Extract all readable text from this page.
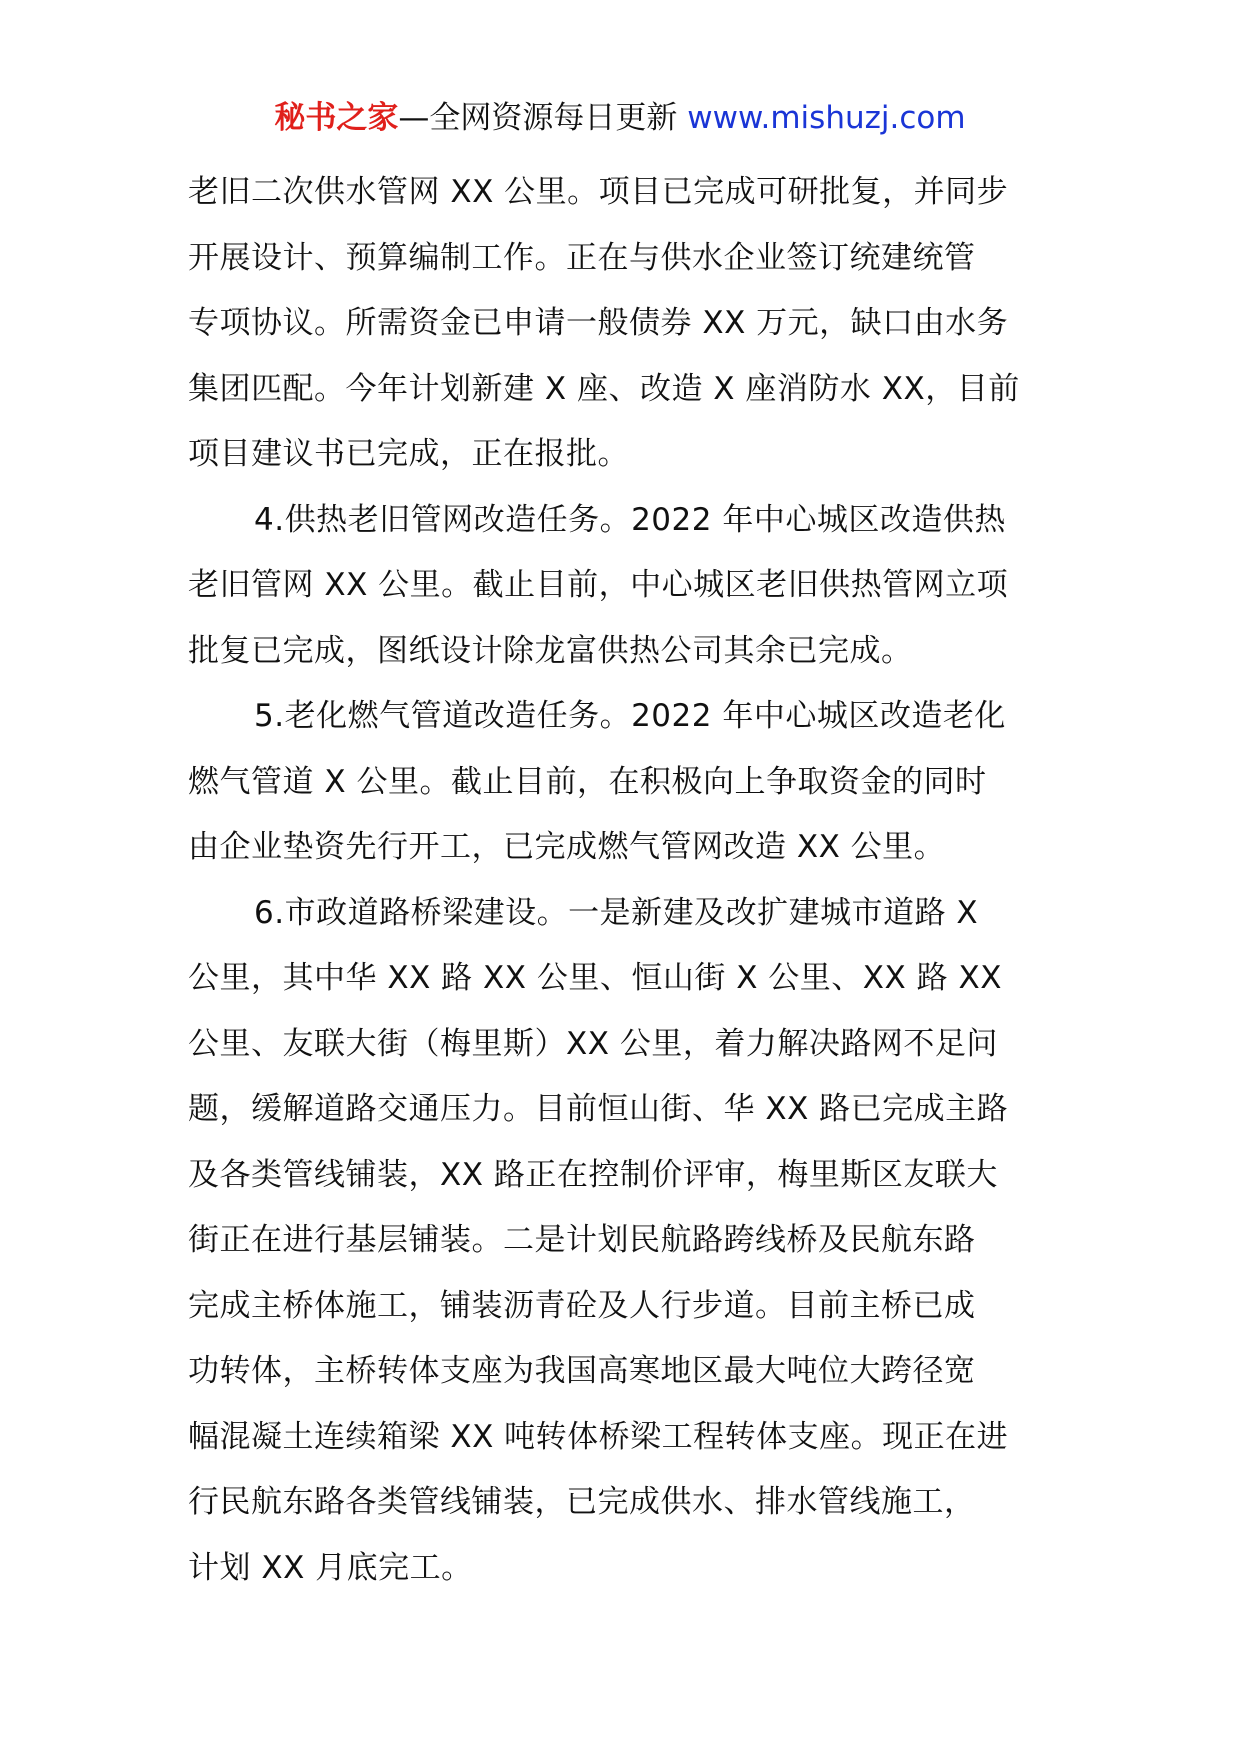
秘书之家—全网资源每日更新 www.mishuzj.com
老旧二次供水管网 XX 公里。项目已完成可研批复，并同步
开展设计、预算编制工作。正在与供水企业签订统建统管
专项协议。所需资金已申请一般债券 XX 万元，缺口由水务
集团匹配。今年计划新建 X 座、改造 X 座消防水 XX，目前
项目建议书已完成，正在报批。
4.供热老旧管网改造任务。2022 年中心城区改造供热
老旧管网 XX 公里。截止目前，中心城区老旧供热管网立项
批复已完成，图纸设计除龙富供热公司其余已完成。
5.老化燃气管道改造任务。2022 年中心城区改造老化
燃气管道 X 公里。截止目前，在积极向上争取资金的同时
由企业垫资先行开工，已完成燃气管网改造 XX 公里。
6.市政道路桥梁建设。一是新建及改扩建城市道路 X
公里，其中华 XX 路 XX 公里、恒山街 X 公里、XX 路 XX
公里、友联大街（梅里斯）XX 公里，着力解决路网不足问
题，缓解道路交通压力。目前恒山街、华 XX 路已完成主路
及各类管线铺装，XX 路正在控制价评审，梅里斯区友联大
街正在进行基层铺装。二是计划民航路跨线桥及民航东路
完成主桥体施工，铺装沥青砼及人行步道。目前主桥已成
功转体，主桥转体支座为我国高寒地区最大吨位大跨径宽
幅混凝土连续箱梁 XX 吨转体桥梁工程转体支座。现正在进
行民航东路各类管线铺装，已完成供水、排水管线施工，
计划 XX 月底完工。
